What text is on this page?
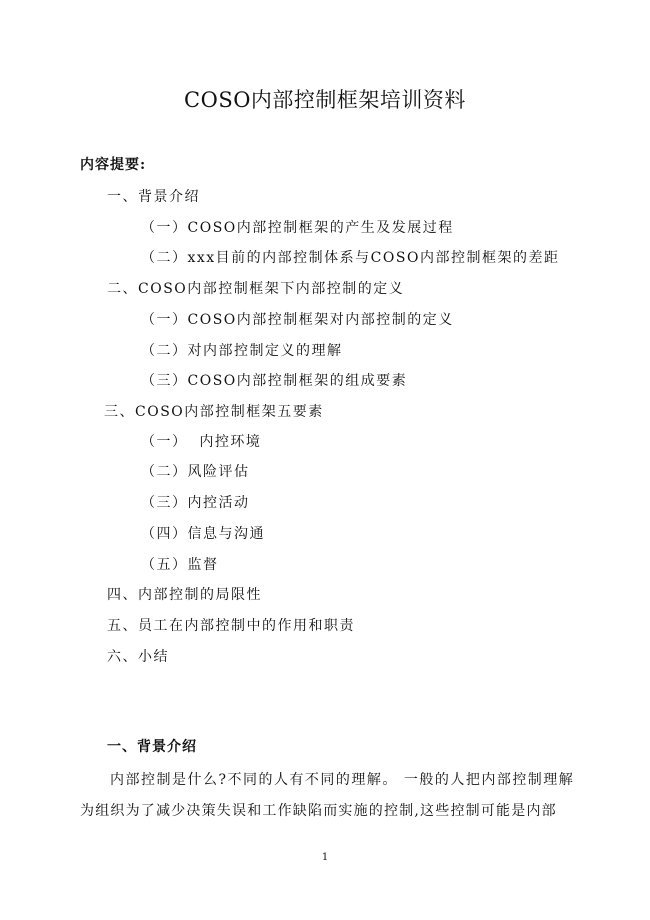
COSO内部控制框架培训资料
内容提要:
一、背景介绍
（一）COSO内部控制框架的产生及发展过程
（二）xxx目前的内部控制体系与COSO内部控制框架的差距
二、COSO内部控制框架下内部控制的定义
（一）COSO内部控制框架对内部控制的定义
（二）对内部控制定义的理解
（三）COSO内部控制框架的组成要素
三、COSO内部控制框架五要素
（一）  内控环境
（二）风险评估
（三）内控活动
（四）信息与沟通
（五）监督
四、内部控制的局限性
五、员工在内部控制中的作用和职责
六、小结
一、背景介绍
内部控制是什么?不同的人有不同的理解。 一般的人把内部控制理解为组织为了减少决策失误和工作缺陷而实施的控制,这些控制可能是内部
1
